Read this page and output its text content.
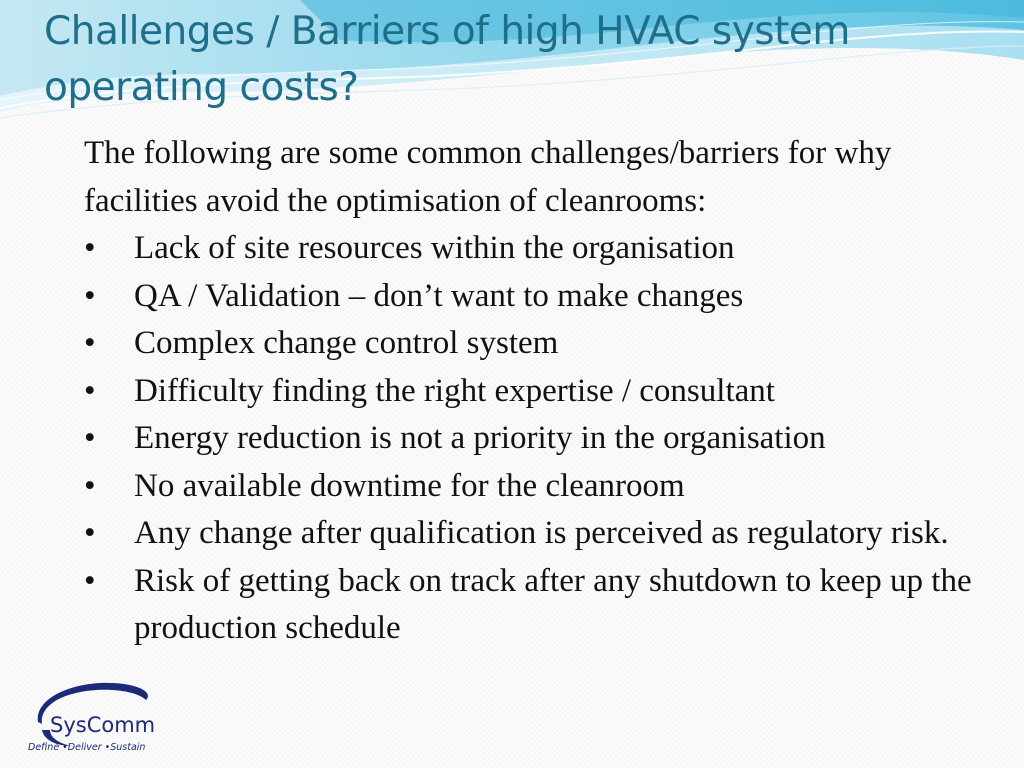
Challenges / Barriers of high HVAC system operating costs?

The following are some common challenges/barriers for why facilities avoid the optimisation of cleanrooms:

•	Lack of site resources within the organisation
•	QA / Validation – don’t want to make changes
•	Complex change control system
•	Difficulty finding the right expertise / consultant
•	Energy reduction is not a priority in the organisation
•	No available downtime for the cleanroom
•	Any change after qualification is perceived as regulatory risk.
•	Risk of getting back on track after any shutdown to keep up the production schedule
SysComm
Define •Deliver •Sustain
